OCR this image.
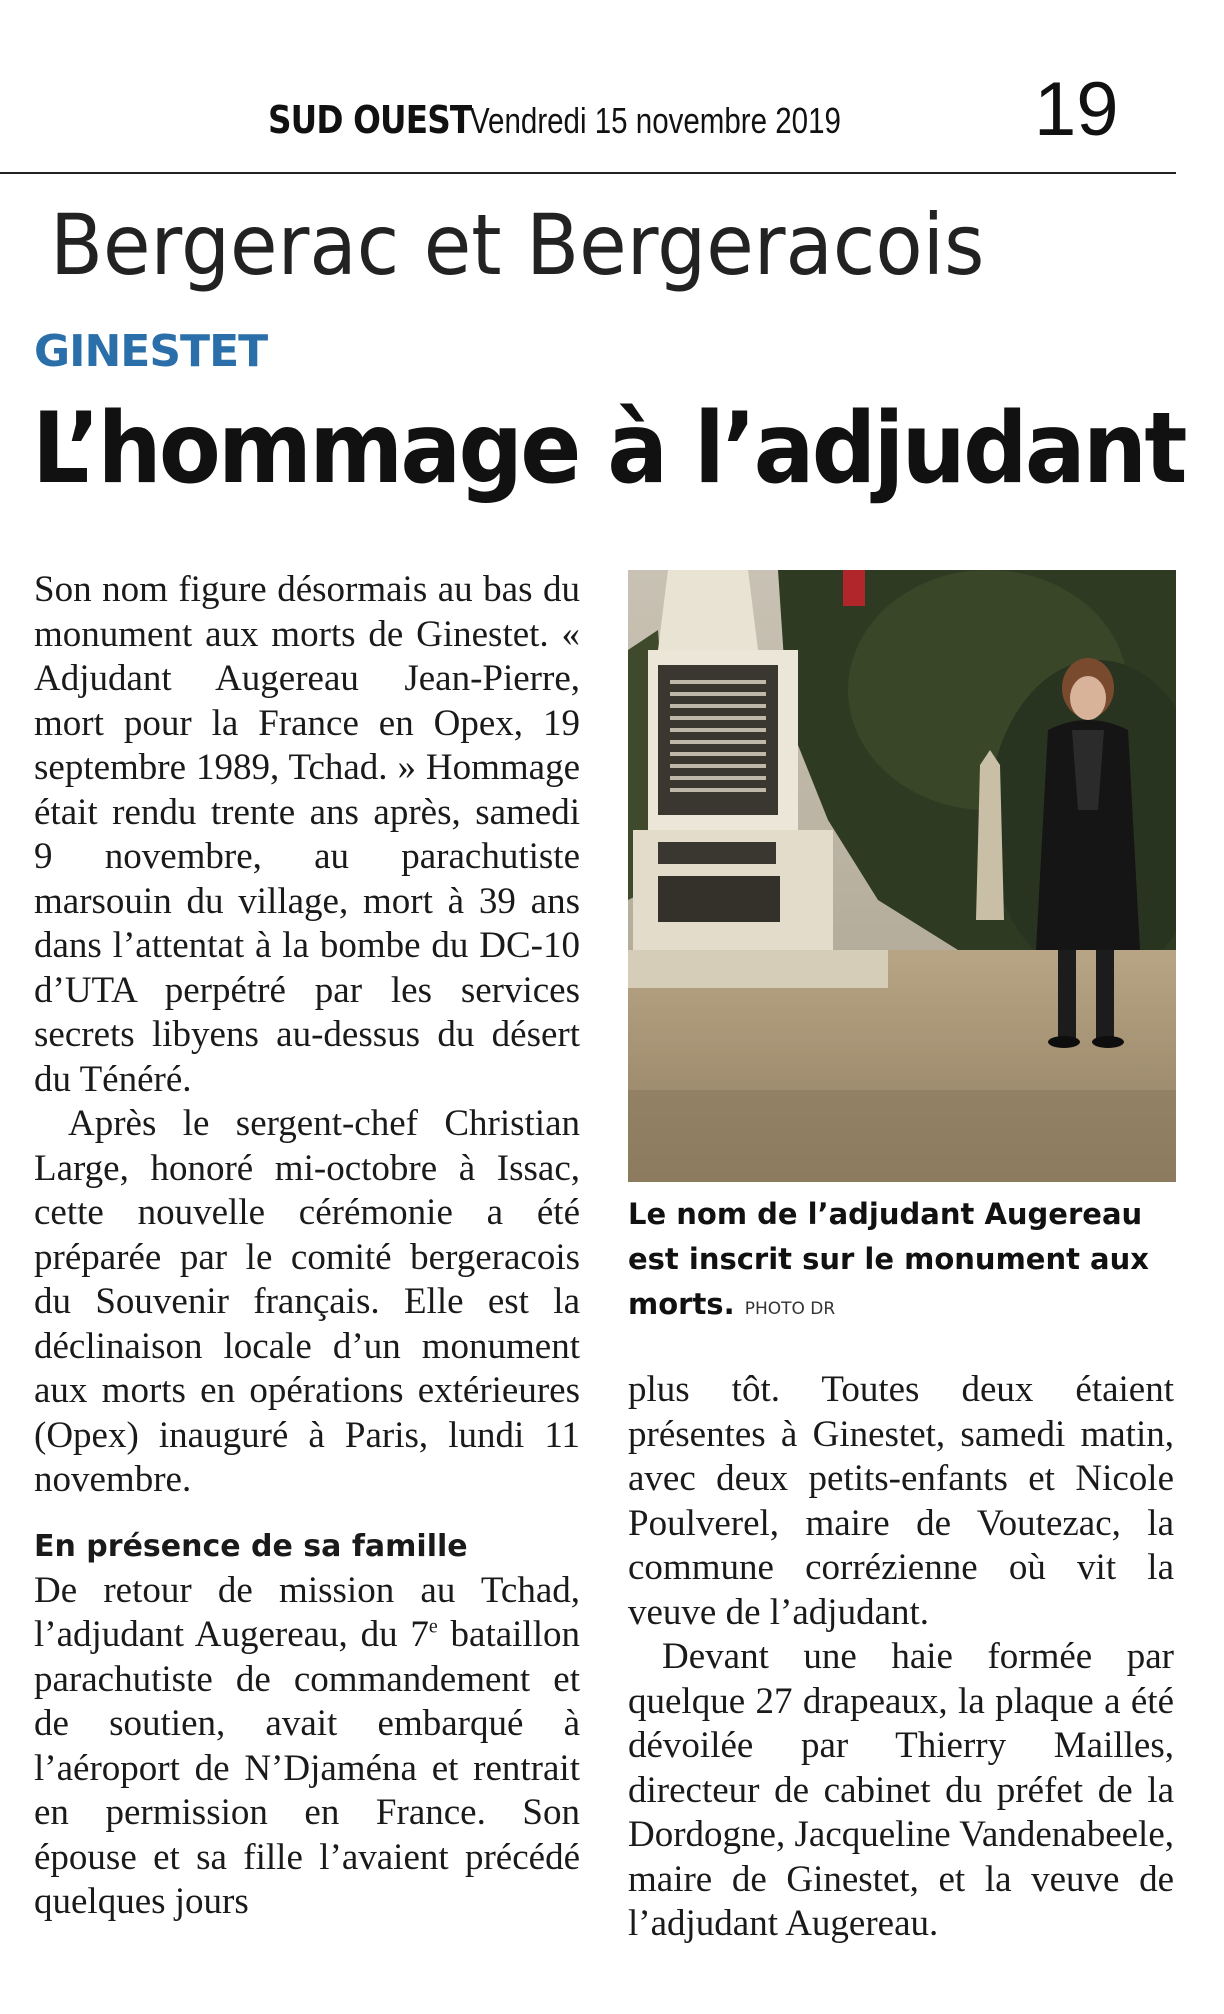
SUD OUEST
Vendredi 15 novembre 2019	19
Bergerac et Bergeracois
GINESTET
L’hommage à l’adjudant

Son nom figure désormais au bas du monument aux morts de Ginestet. « Adjudant Augereau Jean-Pierre, mort pour la France en Opex, 19 septembre 1989, Tchad. » Hommage était rendu trente ans après, samedi 9 novembre, au parachutiste marsouin du village, mort à 39 ans dans l’attentat à la bombe du DC-10 d’UTA perpétré par les services secrets libyens au-dessus du désert du Ténéré.

Après le sergent-chef Christian Large, honoré mi-octobre à Issac, cette nouvelle cérémonie a été préparée par le comité bergeracois du Souvenir français. Elle est la déclinaison locale d’un monument aux morts en opérations extérieures (Opex) inauguré à Paris, lundi 11 novembre.

En présence de sa famille

De retour de mission au Tchad, l’adjudant Augereau, du 7e bataillon parachutiste de commandement et de soutien, avait embarqué à l’aéroport de N’Djaména et rentrait en permission en France. Son épouse et sa fille l’avaient précédé quelques jours

Le nom de l’adjudant Augereau est inscrit sur le monument aux morts. PHOTO DR

plus tôt. Toutes deux étaient présentes à Ginestet, samedi matin, avec deux petits-enfants et Nicole Poulverel, maire de Voutezac, la commune corrézienne où vit la veuve de l’adjudant.

Devant une haie formée par quelque 27 drapeaux, la plaque a été dévoilée par Thierry Mailles, directeur de cabinet du préfet de la Dordogne, Jacqueline Vandenabeele, maire de Ginestet, et la veuve de l’adjudant Augereau.
